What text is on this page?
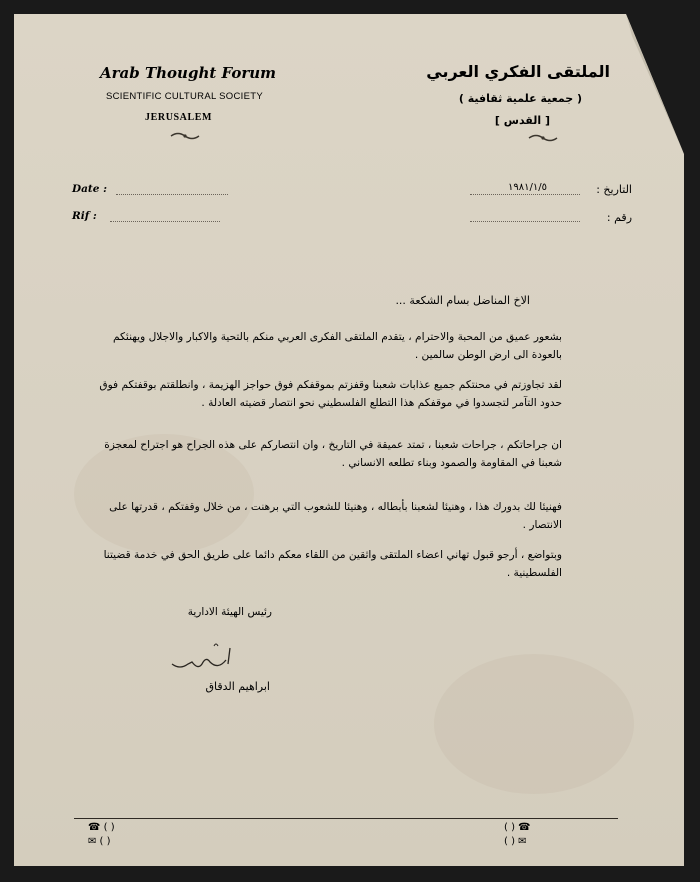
Arab Thought Forum
SCIENTIFIC CULTURAL SOCIETY
JERUSALEM
الملتقى الفكري العربي
( جمعية علمية ثقافية )
[ القدس ]
Date :
Rif :
التاريخ :
١٩٨١/١/٥
رقم :
الاخ المناضل بسام الشكعة ...
بشعور عميق من المحبة والاحترام ، يتقدم الملتقى الفكرى العربي منكم بالتحية والاكبار والاجلال ويهنئكم بالعودة الى ارض الوطن سالمين .
لقد تجاوزتم في محنتكم جميع عذابات شعبنا وقفزتم بموقفكم فوق حواجز الهزيمة ، وانطلقتم بوقفتكم فوق حدود التآمر لتجسدوا في موقفكم هذا التطلع الفلسطيني نحو انتصار قضيته العادلة .
ان جراحاتكم ، جراحات شعبنا ، تمتد عميقة في التاريخ ، وان انتصاركم على هذه الجراح هو اجتراح لمعجزة شعبنا في المقاومة والصمود وبناء تطلعه الانساني .
فهنيئا لك بدورك هذا ، وهنيئا لشعبنا بأبطاله ، وهنيئا للشعوب التي برهنت ، من خلال وقفتكم ، قدرتها على الانتصار .
وبتواضع ، أرجو قبول تهاني اعضاء الملتقى واثقين من اللقاء معكم دائما على طريق الحق في خدمة قضيتنا الفلسطينية .
رئيس الهيئة الادارية
ابراهيم الدقاق
☎ ( )
✉ ( )
( ) ☎
( ) ✉
